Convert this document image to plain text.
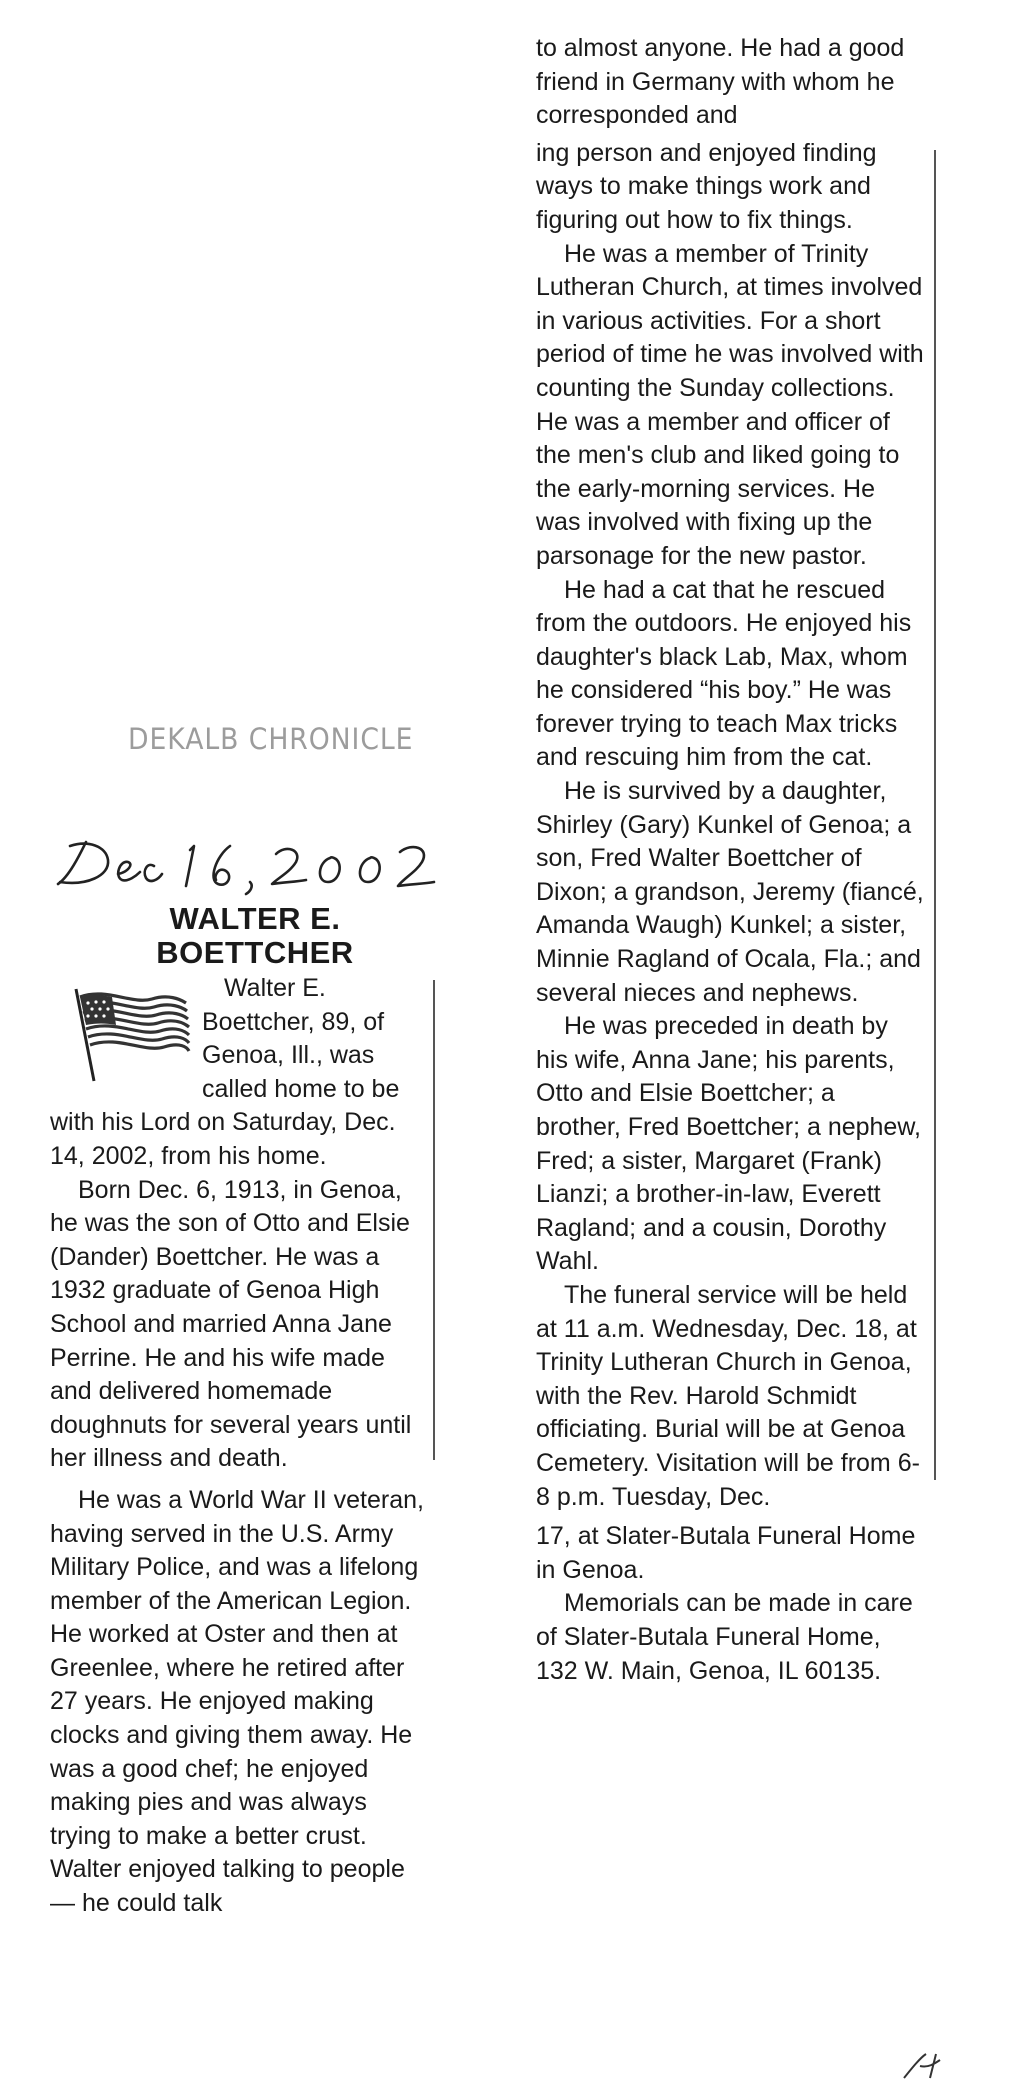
DEKALB CHRONICLE
WALTER E.
BOETTCHER

Walter E. Boettcher, 89, of Genoa, Ill., was called home to be with his Lord on Saturday, Dec. 14, 2002, from his home.

Born Dec. 6, 1913, in Genoa, he was the son of Otto and Elsie (Dander) Boettcher. He was a 1932 graduate of Genoa High School and married Anna Jane Perrine. He and his wife made and delivered homemade doughnuts for several years until her illness and death.

He was a World War II veteran, having served in the U.S. Army Military Police, and was a lifelong member of the American Legion. He worked at Oster and then at Greenlee, where he retired after 27 years. He enjoyed making clocks and giving them away. He was a good chef; he enjoyed making pies and was always trying to make a better crust. Walter enjoyed talking to people — he could talk

to almost anyone. He had a good friend in Germany with whom he corresponded and

ing person and enjoyed finding ways to make things work and figuring out how to fix things.

He was a member of Trinity Lutheran Church, at times involved in various activities. For a short period of time he was involved with counting the Sunday collections. He was a member and officer of the men's club and liked going to the early-morning services. He was involved with fixing up the parsonage for the new pastor.

He had a cat that he rescued from the outdoors. He enjoyed his daughter's black Lab, Max, whom he considered “his boy.” He was forever trying to teach Max tricks and rescuing him from the cat.

He is survived by a daughter, Shirley (Gary) Kunkel of Genoa; a son, Fred Walter Boettcher of Dixon; a grandson, Jeremy (fiancé, Amanda Waugh) Kunkel; a sister, Minnie Ragland of Ocala, Fla.; and several nieces and nephews.

He was preceded in death by his wife, Anna Jane; his parents, Otto and Elsie Boettcher; a brother, Fred Boettcher; a nephew, Fred; a sister, Margaret (Frank) Lianzi; a brother-in-law, Everett Ragland; and a cousin, Dorothy Wahl.

The funeral service will be held at 11 a.m. Wednesday, Dec. 18, at Trinity Lutheran Church in Genoa, with the Rev. Harold Schmidt officiating. Burial will be at Genoa Cemetery. Visitation will be from 6-8 p.m. Tuesday, Dec.

17, at Slater-Butala Funeral Home in Genoa.

Memorials can be made in care of Slater-Butala Funeral Home, 132 W. Main, Genoa, IL 60135.
